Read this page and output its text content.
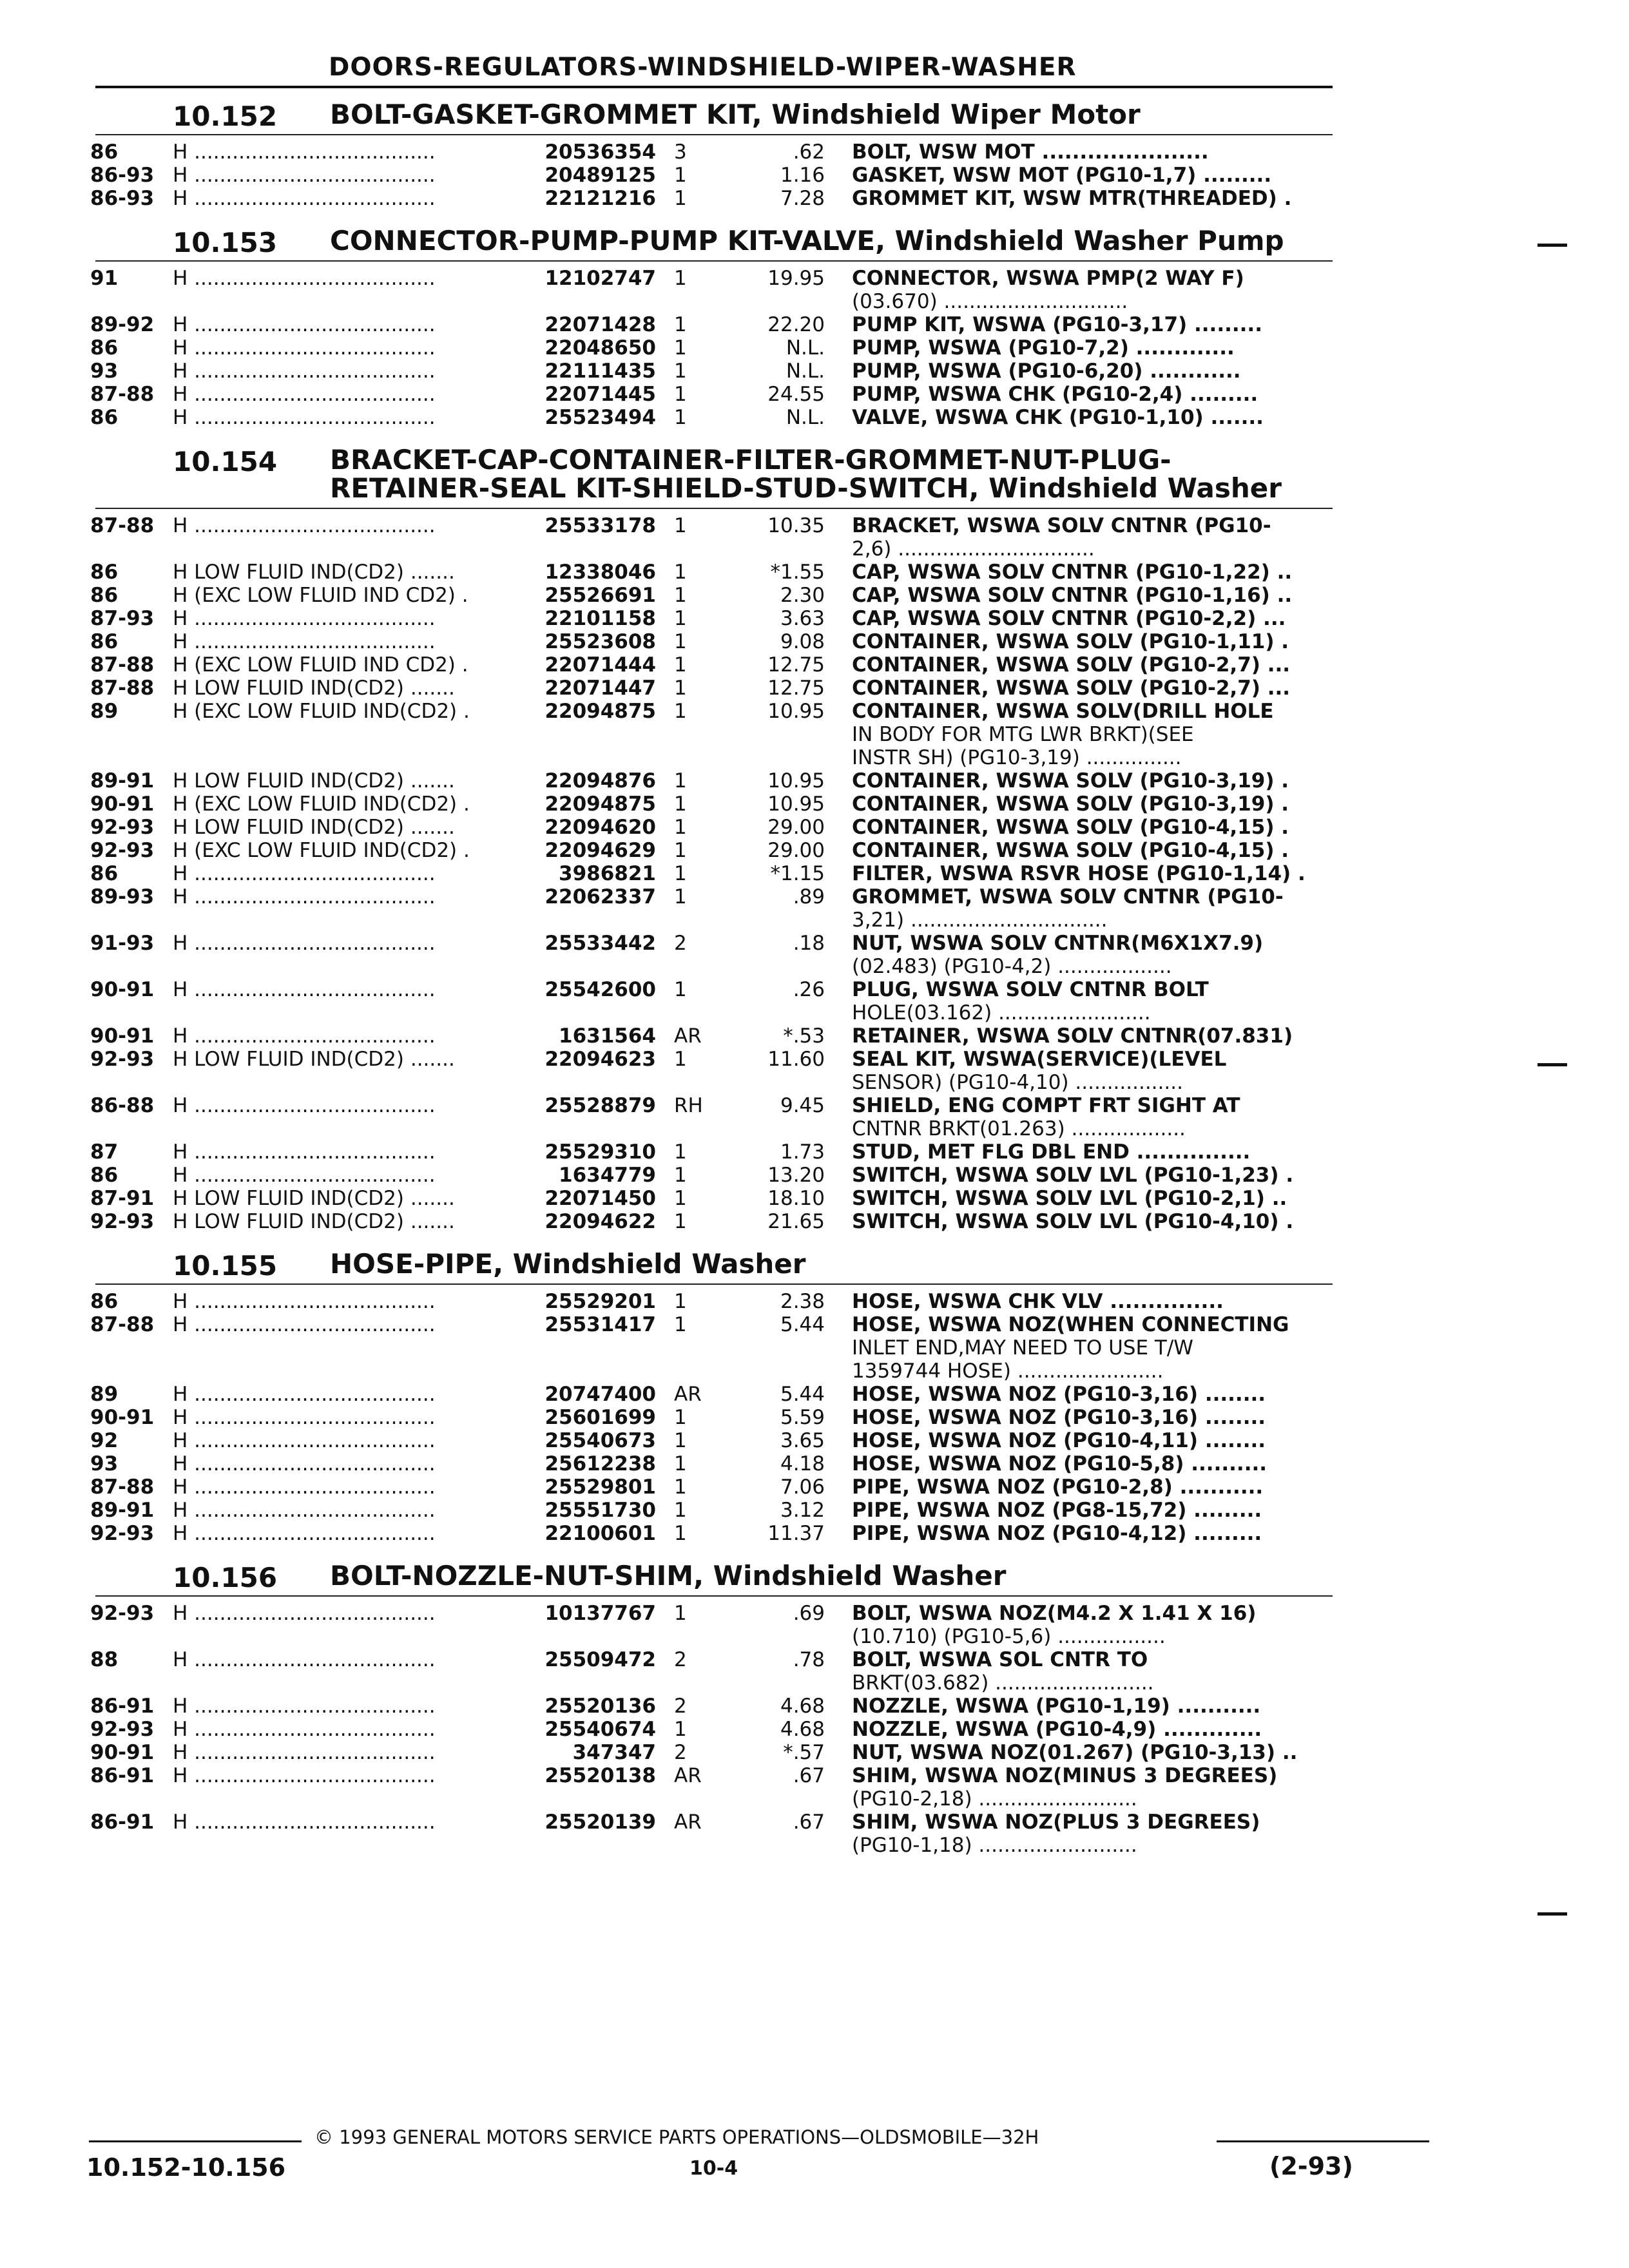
DOORS-REGULATORS-WINDSHIELD-WIPER-WASHER
10.152 BOLT-GASKET-GROMMET KIT, Windshield Wiper Motor
86	H ......................................	20536354 3	.62 BOLT, WSW MOT ......................
86-93 H ......................................	20489125 1	1.16 GASKET, WSW MOT (PG10-1,7) .........
86-93 H ......................................	22121216 1	7.28 GROMMET KIT, WSW MTR(THREADED) .
10.153 CONNECTOR-PUMP-PUMP KIT-VALVE, Windshield Washer Pump
91	H ......................................	12102747 1	19.95 CONNECTOR, WSWA PMP(2 WAY F)
(03.670) .............................
89-92 H ......................................	22071428 1	22.20 PUMP KIT, WSWA (PG10-3,17) .........
86	H ......................................	22048650 1	N.L. PUMP, WSWA (PG10-7,2) .............
93	H ......................................	22111435 1	N.L. PUMP, WSWA (PG10-6,20) ............
87-88 H ......................................	22071445 1	24.55 PUMP, WSWA CHK (PG10-2,4) .........
86	H ......................................	25523494 1	N.L. VALVE, WSWA CHK (PG10-1,10) .......
10.154 BRACKET-CAP-CONTAINER-FILTER-GROMMET-NUT-PLUG-
RETAINER-SEAL KIT-SHIELD-STUD-SWITCH, Windshield Washer
87-88 H ......................................	25533178 1	10.35 BRACKET, WSWA SOLV CNTNR (PG10-
2,6) ...............................
86	H LOW FLUID IND(CD2) .......	12338046 1	*1.55 CAP, WSWA SOLV CNTNR (PG10-1,22) ..
86	H (EXC LOW FLUID IND CD2) .	25526691 1	2.30 CAP, WSWA SOLV CNTNR (PG10-1,16) ..
87-93 H ......................................	22101158 1	3.63 CAP, WSWA SOLV CNTNR (PG10-2,2) ...
86	H ......................................	25523608 1	9.08 CONTAINER, WSWA SOLV (PG10-1,11) .
87-88 H (EXC LOW FLUID IND CD2) .	22071444 1	12.75 CONTAINER, WSWA SOLV (PG10-2,7) ...
87-88 H LOW FLUID IND(CD2) .......	22071447 1	12.75 CONTAINER, WSWA SOLV (PG10-2,7) ...
89	H (EXC LOW FLUID IND(CD2) .	22094875 1	10.95 CONTAINER, WSWA SOLV(DRILL HOLE
IN BODY FOR MTG LWR BRKT)(SEE
INSTR SH) (PG10-3,19) ...............
89-91 H LOW FLUID IND(CD2) .......	22094876 1	10.95 CONTAINER, WSWA SOLV (PG10-3,19) .
90-91 H (EXC LOW FLUID IND(CD2) .	22094875 1	10.95 CONTAINER, WSWA SOLV (PG10-3,19) .
92-93 H LOW FLUID IND(CD2) .......	22094620 1	29.00 CONTAINER, WSWA SOLV (PG10-4,15) .
92-93 H (EXC LOW FLUID IND(CD2) .	22094629 1	29.00 CONTAINER, WSWA SOLV (PG10-4,15) .
86	H ......................................	3986821 1	*1.15 FILTER, WSWA RSVR HOSE (PG10-1,14) .
89-93 H ......................................	22062337 1	.89 GROMMET, WSWA SOLV CNTNR (PG10-
3,21) ...............................
91-93 H ......................................	25533442 2	.18 NUT, WSWA SOLV CNTNR(M6X1X7.9)
(02.483) (PG10-4,2) ..................
90-91 H ......................................	25542600 1	.26 PLUG, WSWA SOLV CNTNR BOLT
HOLE(03.162) ........................
90-91 H ......................................	1631564 AR	*.53 RETAINER, WSWA SOLV CNTNR(07.831)
92-93 H LOW FLUID IND(CD2) .......	22094623 1	11.60 SEAL KIT, WSWA(SERVICE)(LEVEL
SENSOR) (PG10-4,10) .................
86-88 H ......................................	25528879 RH	9.45 SHIELD, ENG COMPT FRT SIGHT AT
CNTNR BRKT(01.263) ..................
87	H ......................................	25529310 1	1.73 STUD, MET FLG DBL END ...............
86	H ......................................	1634779 1	13.20 SWITCH, WSWA SOLV LVL (PG10-1,23) .
87-91 H LOW FLUID IND(CD2) .......	22071450 1	18.10 SWITCH, WSWA SOLV LVL (PG10-2,1) ..
92-93 H LOW FLUID IND(CD2) .......	22094622 1	21.65 SWITCH, WSWA SOLV LVL (PG10-4,10) .
10.155 HOSE-PIPE, Windshield Washer
86	H ......................................	25529201 1	2.38 HOSE, WSWA CHK VLV ...............
87-88 H ......................................	25531417 1	5.44 HOSE, WSWA NOZ(WHEN CONNECTING
INLET END,MAY NEED TO USE T/W
1359744 HOSE) .......................
89	H ......................................	20747400 AR	5.44 HOSE, WSWA NOZ (PG10-3,16) ........
90-91 H ......................................	25601699 1	5.59 HOSE, WSWA NOZ (PG10-3,16) ........
92	H ......................................	25540673 1	3.65 HOSE, WSWA NOZ (PG10-4,11) ........
93	H ......................................	25612238 1	4.18 HOSE, WSWA NOZ (PG10-5,8) ..........
87-88 H ......................................	25529801 1	7.06 PIPE, WSWA NOZ (PG10-2,8) ...........
89-91 H ......................................	25551730 1	3.12 PIPE, WSWA NOZ (PG8-15,72) .........
92-93 H ......................................	22100601 1	11.37 PIPE, WSWA NOZ (PG10-4,12) .........
10.156 BOLT-NOZZLE-NUT-SHIM, Windshield Washer
92-93 H ......................................	10137767 1	.69 BOLT, WSWA NOZ(M4.2 X 1.41 X 16)
(10.710) (PG10-5,6) .................
88	H ......................................	25509472 2	.78 BOLT, WSWA SOL CNTR TO
BRKT(03.682) .........................
86-91 H ......................................	25520136 2	4.68 NOZZLE, WSWA (PG10-1,19) ...........
92-93 H ......................................	25540674 1	4.68 NOZZLE, WSWA (PG10-4,9) .............
90-91 H ......................................	347347 2	*.57 NUT, WSWA NOZ(01.267) (PG10-3,13) ..
86-91 H ......................................	25520138 AR	.67 SHIM, WSWA NOZ(MINUS 3 DEGREES)
(PG10-2,18) .........................
86-91 H ......................................	25520139 AR	.67 SHIM, WSWA NOZ(PLUS 3 DEGREES)
(PG10-1,18) .........................
© 1993 GENERAL MOTORS SERVICE PARTS OPERATIONS—OLDSMOBILE—32H
10.152-10.156	10-4	(2-93)
